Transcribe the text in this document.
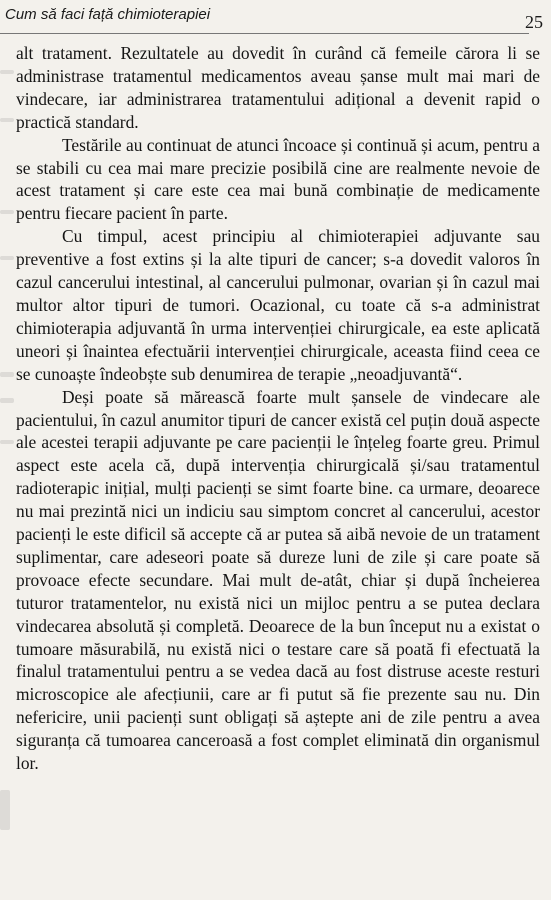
Cum să faci față chimioterapiei	25

alt tratament. Rezultatele au dovedit în curând că femeile cărora li se administrase tratamentul medicamentos aveau șanse mult mai mari de vindecare, iar administrarea tratamentului adițional a devenit rapid o practică standard.

Testările au continuat de atunci încoace și continuă și acum, pentru a se stabili cu cea mai mare precizie posibilă cine are realmente nevoie de acest tratament și care este cea mai bună combinație de medicamente pentru fiecare pacient în parte.

Cu timpul, acest principiu al chimioterapiei adjuvante sau preventive a fost extins și la alte tipuri de cancer; s-a dovedit valoros în cazul cancerului intestinal, al cancerului pulmonar, ovarian și în cazul mai multor altor tipuri de tumori. Ocazional, cu toate că s-a administrat chimioterapia adjuvantă în urma intervenției chirurgicale, ea este aplicată uneori și înaintea efectuării intervenției chirurgicale, aceasta fiind ceea ce se cunoaște îndeobște sub denumirea de terapie „neoadjuvantă“.

Deși poate să mărească foarte mult șansele de vindecare ale pacientului, în cazul anumitor tipuri de cancer există cel puțin două aspecte ale acestei terapii adjuvante pe care pacienții le înțeleg foarte greu. Primul aspect este acela că, după intervenția chirurgicală și/sau tratamentul radioterapic inițial, mulți pacienți se simt foarte bine. ca urmare, deoarece nu mai prezintă nici un indiciu sau simptom concret al cancerului, acestor pacienți le este dificil să accepte că ar putea să aibă nevoie de un tratament suplimentar, care adeseori poate să dureze luni de zile și care poate să provoace efecte secundare. Mai mult de-atât, chiar și după încheierea tuturor tratamentelor, nu există nici un mijloc pentru a se putea declara vindecarea absolută și completă. Deoarece de la bun început nu a existat o tumoare măsurabilă, nu există nici o testare care să poată fi efectuată la finalul tratamentului pentru a se vedea dacă au fost distruse aceste resturi microscopice ale afecțiunii, care ar fi putut să fie prezente sau nu. Din nefericire, unii pacienți sunt obligați să aștepte ani de zile pentru a avea siguranța că tumoarea canceroasă a fost complet eliminată din organismul lor.
